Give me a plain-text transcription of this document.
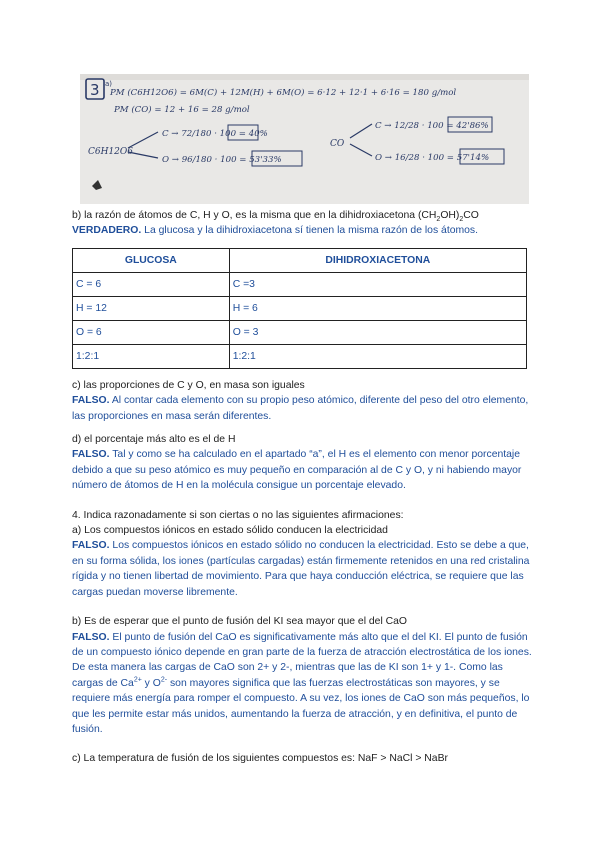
3 a)
PM (C6H12O6) = 6M(C) + 12M(H) + 6M(O) = 6·12 + 12·1 + 6·16 = 180 g/mol
PM (CO) = 12 + 16 = 28 g/mol
C6H12O6
C → 72/180 · 100 = 40%
O → 96/180 · 100 = 53'33%
CO
C → 12/28 · 100 = 42'86%
O → 16/28 · 100 = 57'14%

b) la razón de átomos de C, H y O, es la misma que en la dihidroxiacetona $(CH_2OH)_2CO$

VERDADERO. La glucosa y la dihidroxiacetona sí tienen la misma razón de los átomos.

GLUCOSA	DIHIDROXIACETONA
C = 6	C =3
H = 12	H = 6
O = 6	O = 3
1:2:1	1:2:1

c) las proporciones de C y O, en masa son iguales

FALSO. Al contar cada elemento con su propio peso atómico, diferente del peso del otro elemento, las proporciones en masa serán diferentes.

d) el porcentaje más alto es el de H

FALSO. Tal y como se ha calculado en el apartado “a”, el H es el elemento con menor porcentaje debido a que su peso atómico es muy pequeño en comparación al de C y O, y ni habiendo mayor número de átomos de H en la molécula consigue un porcentaje elevado.

4. Indica razonadamente si son ciertas o no las siguientes afirmaciones:

a) Los compuestos iónicos en estado sólido conducen la electricidad

FALSO. Los compuestos iónicos en estado sólido no conducen la electricidad. Esto se debe a que, en su forma sólida, los iones (partículas cargadas) están firmemente retenidos en una red cristalina rígida y no tienen libertad de movimiento. Para que haya conducción eléctrica, se requiere que las cargas puedan moverse libremente.

b) Es de esperar que el punto de fusión del KI sea mayor que el del CaO

FALSO. El punto de fusión del CaO es significativamente más alto que el del KI. El punto de fusión de un compuesto iónico depende en gran parte de la fuerza de atracción electrostática de los iones. De esta manera las cargas de CaO son 2+ y 2-, mientras que las de KI son 1+ y 1-. Como las cargas de $Ca^{2+}$ y $O^{2-}$ son mayores significa que las fuerzas electrostáticas son mayores, y se requiere más energía para romper el compuesto. A su vez, los iones de CaO son más pequeños, lo que les permite estar más unidos, aumentando la fuerza de atracción, y en definitiva, el punto de fusión.

c) La temperatura de fusión de los siguientes compuestos es: NaF > NaCl > NaBr
